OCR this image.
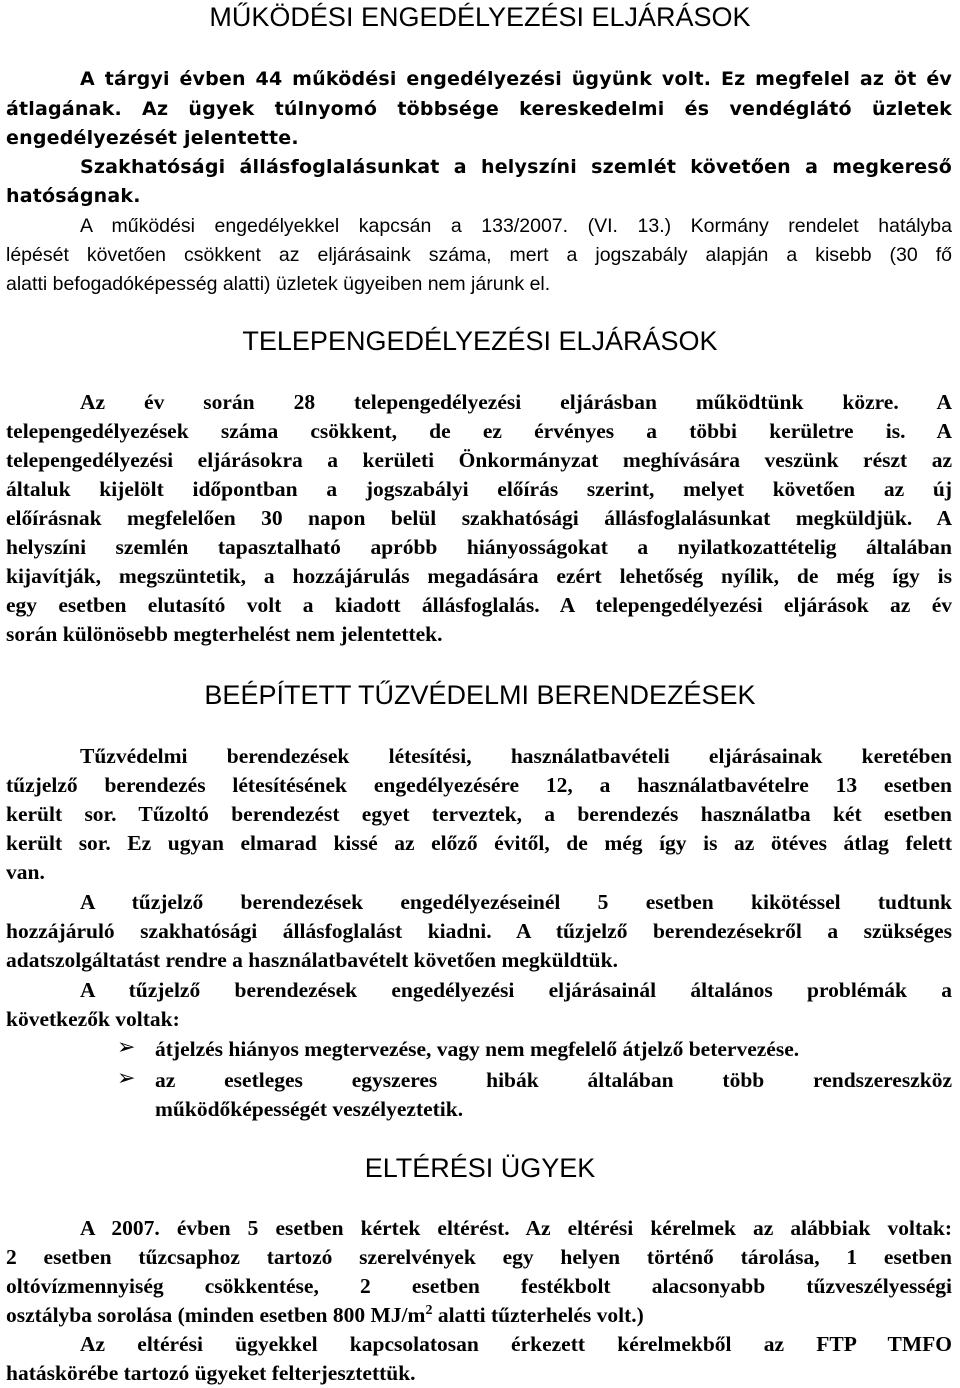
MŰKÖDÉSI ENGEDÉLYEZÉSI ELJÁRÁSOK

A tárgyi évben 44 működési engedélyezési ügyünk volt. Ez megfelel az öt év

átlagának. Az ügyek túlnyomó többsége kereskedelmi és vendéglátó üzletek

engedélyezését jelentette.

Szakhatósági állásfoglalásunkat a helyszíni szemlét követően a megkereső

hatóságnak.

A működési engedélyekkel kapcsán a 133/2007. (VI. 13.) Kormány rendelet hatályba

lépését követően csökkent az eljárásaink száma, mert a jogszabály alapján a kisebb (30 fő

alatti befogadóképesség alatti) üzletek ügyeiben nem járunk el.

TELEPENGEDÉLYEZÉSI ELJÁRÁSOK

Az év során 28 telepengedélyezési eljárásban működtünk közre. A

telepengedélyezések száma csökkent, de ez érvényes a többi kerületre is. A

telepengedélyezési eljárásokra a kerületi Önkormányzat meghívására veszünk részt az

általuk kijelölt időpontban a jogszabályi előírás szerint, melyet követően az új

előírásnak megfelelően 30 napon belül szakhatósági állásfoglalásunkat megküldjük. A

helyszíni szemlén tapasztalható apróbb hiányosságokat a nyilatkozattételig általában

kijavítják, megszüntetik, a hozzájárulás megadására ezért lehetőség nyílik, de még így is

egy esetben elutasító volt a kiadott állásfoglalás. A telepengedélyezési eljárások az év

során különösebb megterhelést nem jelentettek.

BEÉPÍTETT TŰZVÉDELMI BERENDEZÉSEK

Tűzvédelmi berendezések létesítési, használatbavételi eljárásainak keretében

tűzjelző berendezés létesítésének engedélyezésére 12, a használatbavételre 13 esetben

került sor. Tűzoltó berendezést egyet terveztek, a berendezés használatba két esetben

került sor. Ez ugyan elmarad kissé az előző évitől, de még így is az ötéves átlag felett

van.

A tűzjelző berendezések engedélyezéseinél 5 esetben kikötéssel tudtunk

hozzájáruló szakhatósági állásfoglalást kiadni. A tűzjelző berendezésekről a szükséges

adatszolgáltatást rendre a használatbavételt követően megküldtük.

A tűzjelző berendezések engedélyezési eljárásainál általános problémák a

következők voltak:

➢ átjelzés hiányos megtervezése, vagy nem megfelelő átjelző betervezése.

➢ az esetleges egyszeres hibák általában több rendszereszköz

működőképességét veszélyeztetik.

ELTÉRÉSI ÜGYEK

A 2007. évben 5 esetben kértek eltérést. Az eltérési kérelmek az alábbiak voltak:

2 esetben tűzcsaphoz tartozó szerelvények egy helyen történő tárolása, 1 esetben

oltóvízmennyiség csökkentése, 2 esetben festékbolt alacsonyabb tűzveszélyességi

osztályba sorolása (minden esetben 800 $MJ/m^2$ alatti tűzterhelés volt.)

Az eltérési ügyekkel kapcsolatosan érkezett kérelmekből az FTP TMFO

hatáskörébe tartozó ügyeket felterjesztettük.
